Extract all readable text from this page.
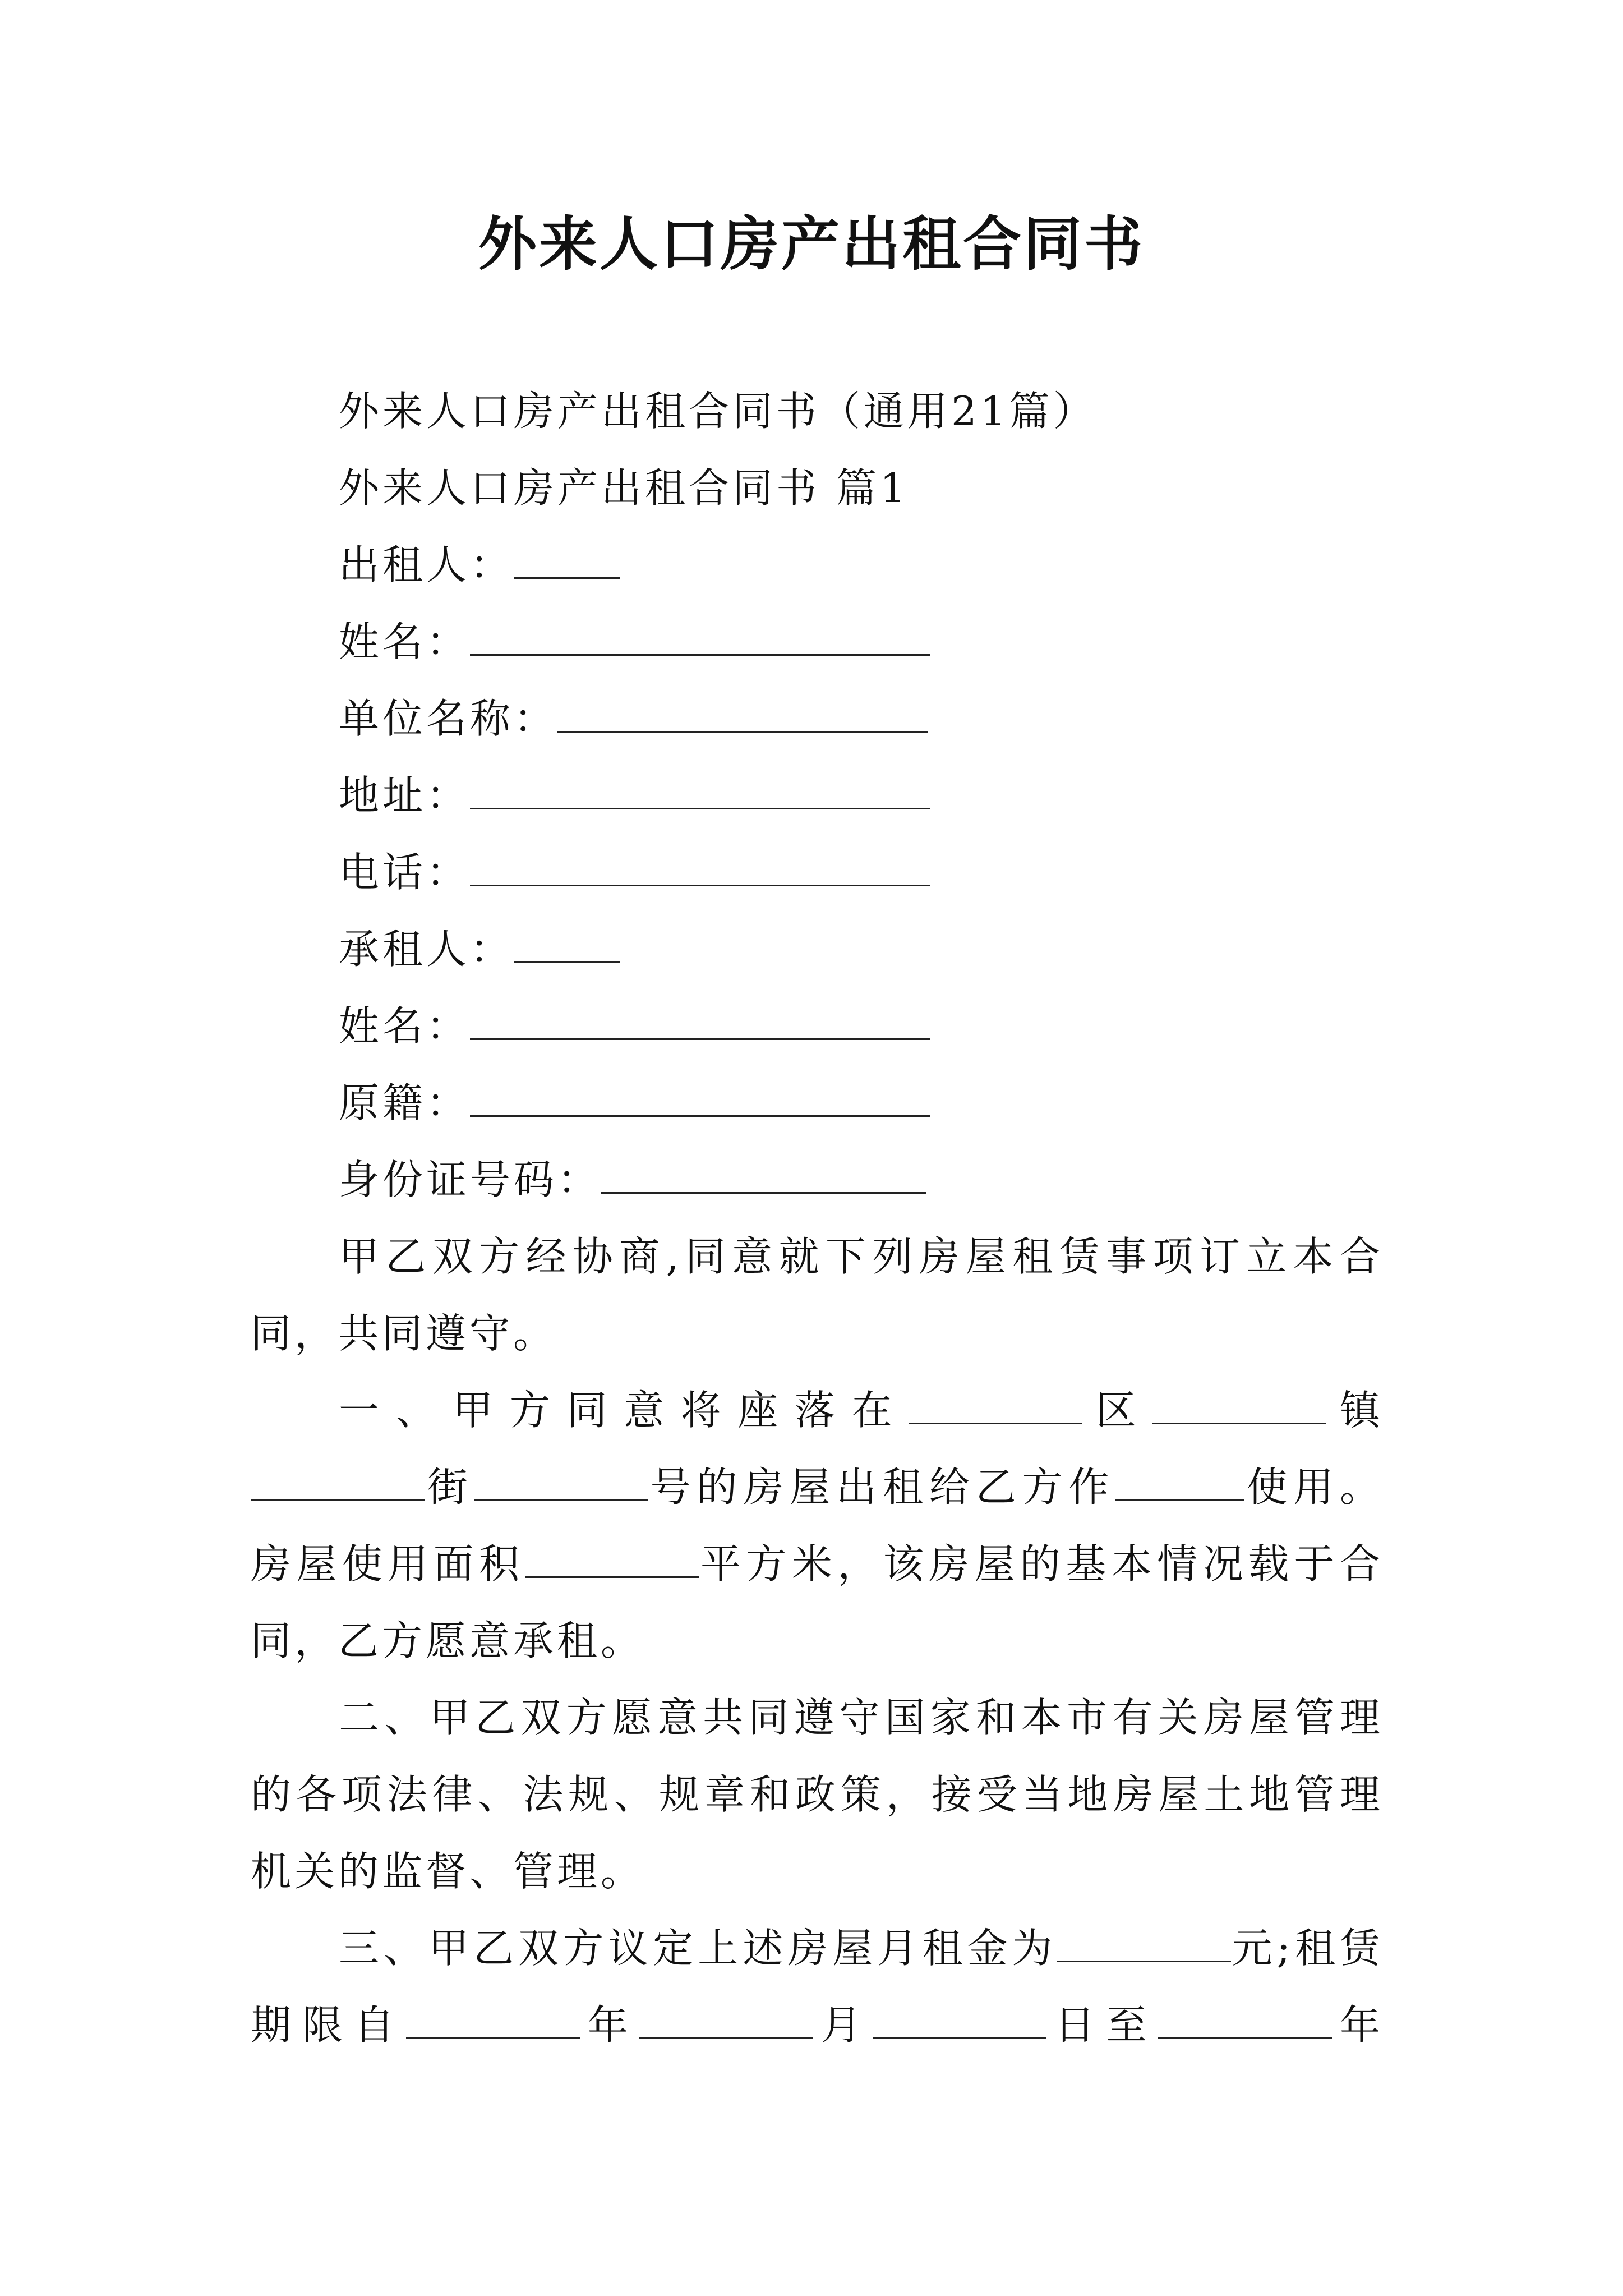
外来人口房产出租合同书
外来人口房产出租合同书（通用21篇）
外来人口房产出租合同书 篇1
出租人：
姓名：
单位名称：
地址：
电话：
承租人：
姓名：
原籍：
身份证号码：
甲乙双方经协商,同意就下列房屋租赁事项订立本合同，共同遵守。
一、甲方同意将座落在	区	镇街	号的房屋出租给乙方作	使用。房屋使用面积	平方米，该房屋的基本情况载于合同，乙方愿意承租。
二、甲乙双方愿意共同遵守国家和本市有关房屋管理的各项法律、法规、规章和政策，接受当地房屋土地管理机关的监督、管理。
三、甲乙双方议定上述房屋月租金为	元;租赁期限自	年	月	日至	年
